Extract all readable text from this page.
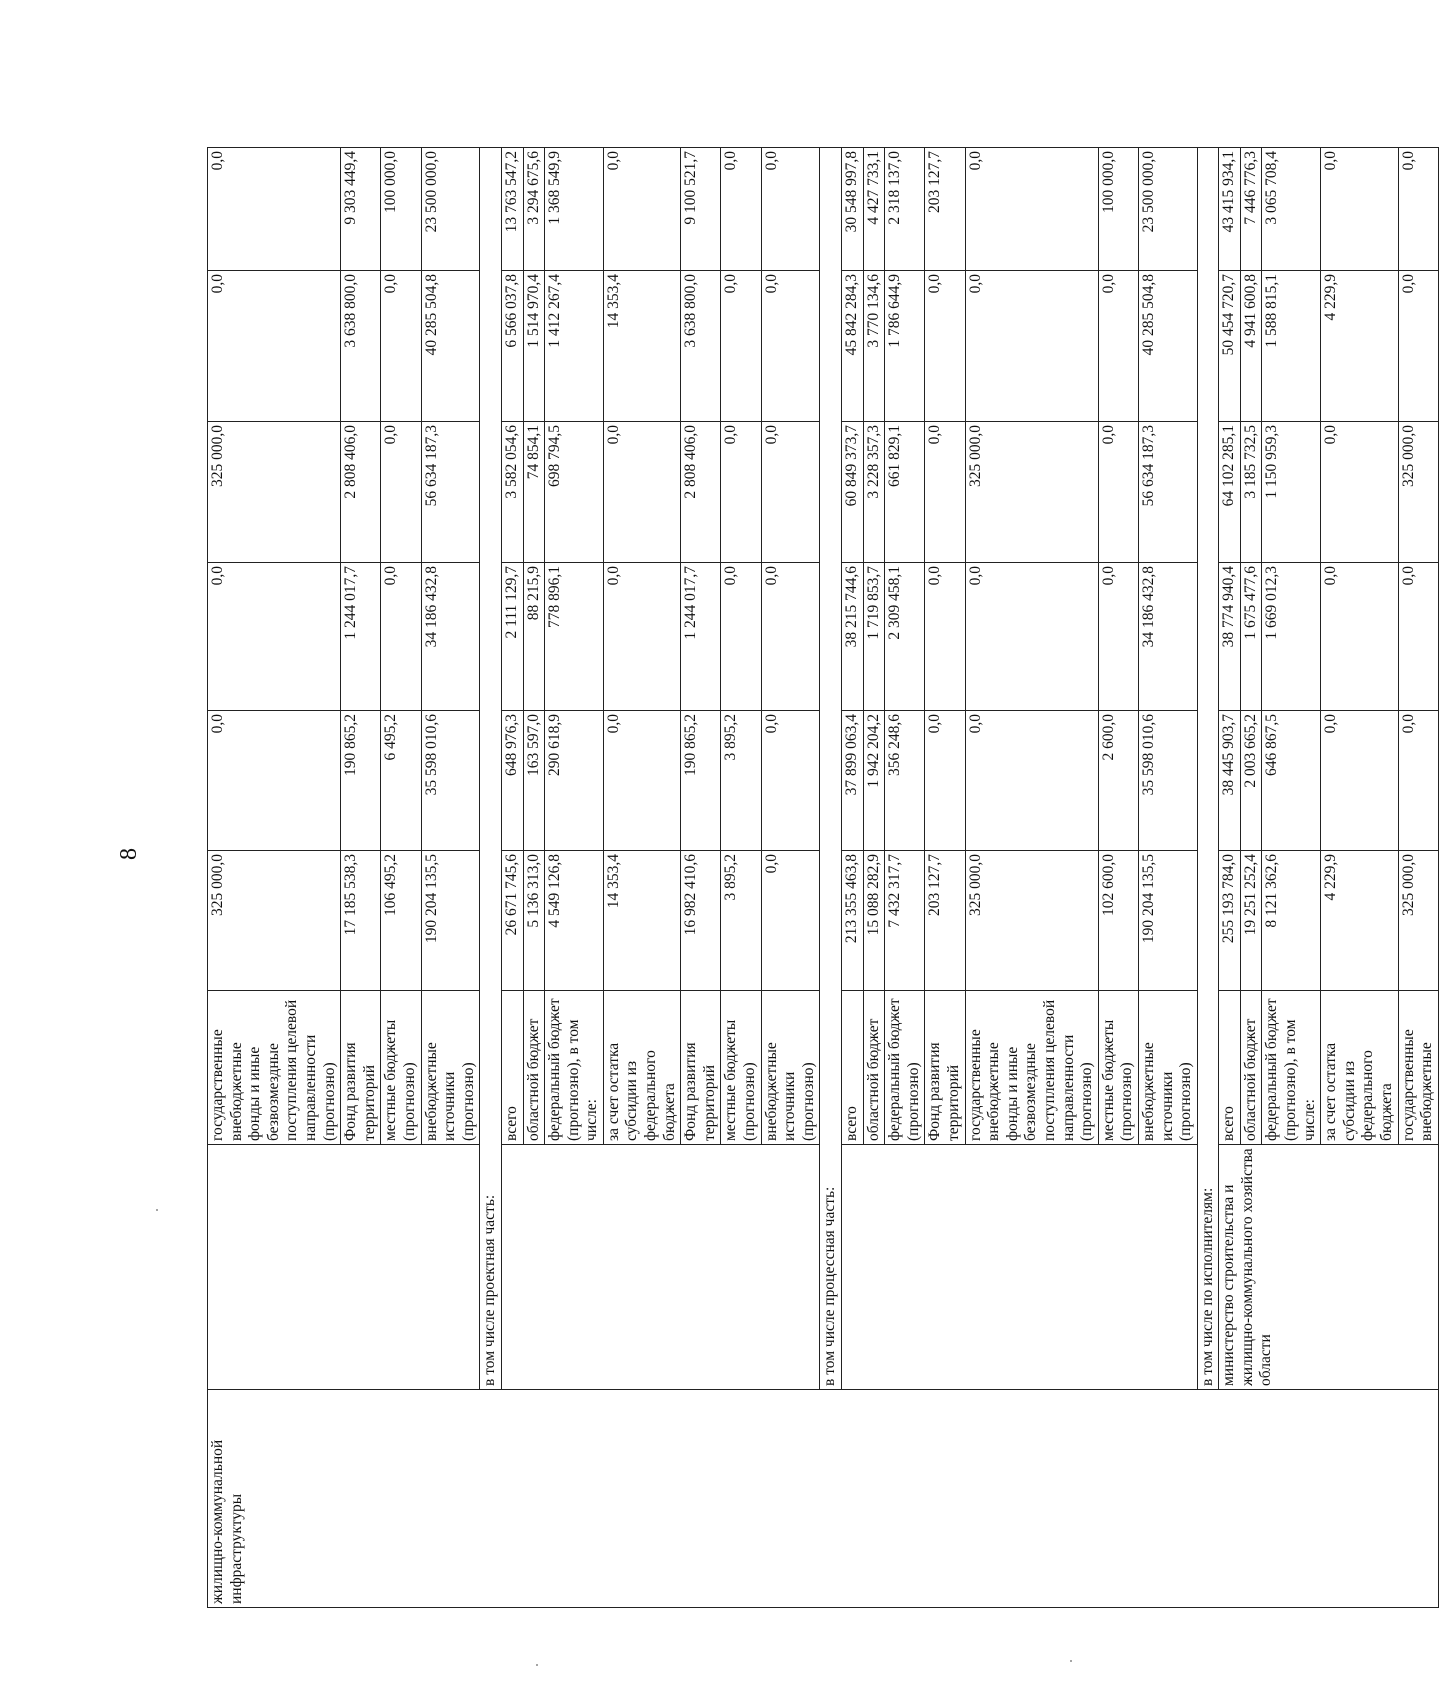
8
жилищно-коммунальной инфраструктуры		государственные внебюджетные фонды и иные безвозмездные поступления целевой направленности (прогнозно)	325 000,0	0,0	0,0	325 000,0	0,0	0,0
		Фонд развития территорий	17 185 538,3	190 865,2	1 244 017,7	2 808 406,0	3 638 800,0	9 303 449,4
		местные бюджеты (прогнозно)	106 495,2	6 495,2	0,0	0,0	0,0	100 000,0
		внебюджетные источники (прогнозно)	190 204 135,5	35 598 010,6	34 186 432,8	56 634 187,3	40 285 504,8	23 500 000,0
	в том числе проектная часть:							
		всего	26 671 745,6	648 976,3	2 111 129,7	3 582 054,6	6 566 037,8	13 763 547,2
		областной бюджет	5 136 313,0	163 597,0	88 215,9	74 854,1	1 514 970,4	3 294 675,6
		федеральный бюджет (прогнозно), в том числе:	4 549 126,8	290 618,9	778 896,1	698 794,5	1 412 267,4	1 368 549,9
		за счет остатка субсидии из федерального бюджета	14 353,4	0,0	0,0	0,0	14 353,4	0,0
		Фонд развития территорий	16 982 410,6	190 865,2	1 244 017,7	2 808 406,0	3 638 800,0	9 100 521,7
		местные бюджеты (прогнозно)	3 895,2	3 895,2	0,0	0,0	0,0	0,0
		внебюджетные источники (прогнозно)	0,0	0,0	0,0	0,0	0,0	0,0
	в том числе процессная часть:							
		всего	213 355 463,8	37 899 063,4	38 215 744,6	60 849 373,7	45 842 284,3	30 548 997,8
		областной бюджет	15 088 282,9	1 942 204,2	1 719 853,7	3 228 357,3	3 770 134,6	4 427 733,1
		федеральный бюджет (прогнозно)	7 432 317,7	356 248,6	2 309 458,1	661 829,1	1 786 644,9	2 318 137,0
		Фонд развития территорий	203 127,7	0,0	0,0	0,0	0,0	203 127,7
		государственные внебюджетные фонды и иные безвозмездные поступления целевой направленности (прогнозно)	325 000,0	0,0	0,0	325 000,0	0,0	0,0
		местные бюджеты (прогнозно)	102 600,0	2 600,0	0,0	0,0	0,0	100 000,0
		внебюджетные источники (прогнозно)	190 204 135,5	35 598 010,6	34 186 432,8	56 634 187,3	40 285 504,8	23 500 000,0
	в том числе по исполнителям:							
	министерство строительства и жилищно-коммунального хозяйства области	всего	255 193 784,0	38 445 903,7	38 774 940,4	64 102 285,1	50 454 720,7	43 415 934,1
		областной бюджет	19 251 252,4	2 003 665,2	1 675 477,6	3 185 732,5	4 941 600,8	7 446 776,3
		федеральный бюджет (прогнозно), в том числе:	8 121 362,6	646 867,5	1 669 012,3	1 150 959,3	1 588 815,1	3 065 708,4
		за счет остатка субсидии из федерального бюджета	4 229,9	0,0	0,0	0,0	4 229,9	0,0
		государственные внебюджетные	325 000,0	0,0	0,0	325 000,0	0,0	0,0
